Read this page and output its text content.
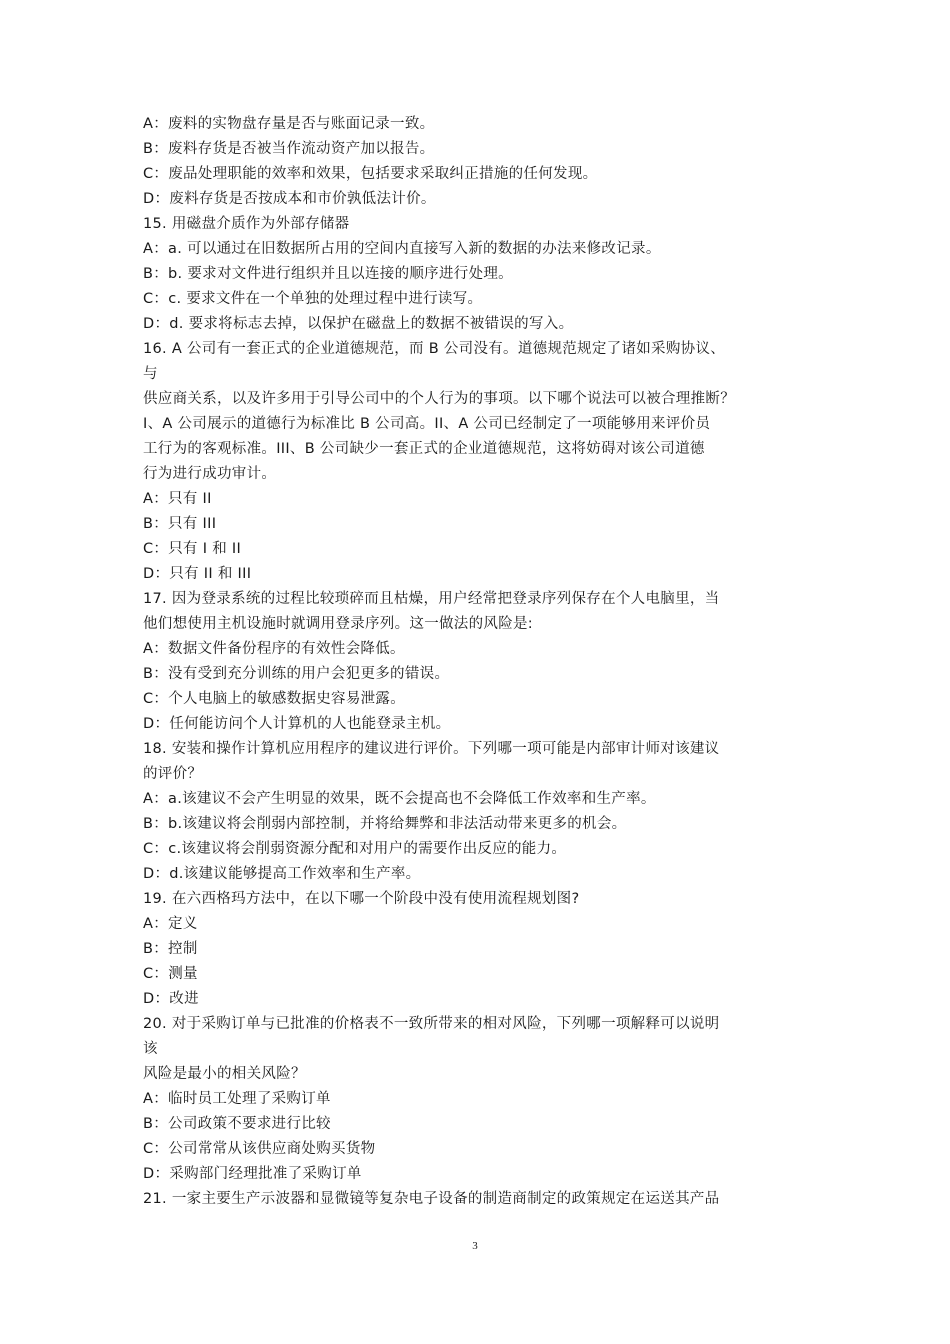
A：废料的实物盘存量是否与账面记录一致。
B：废料存货是否被当作流动资产加以报告。
C：废品处理职能的效率和效果，包括要求采取纠正措施的任何发现。
D：废料存货是否按成本和市价孰低法计价。
15. 用磁盘介质作为外部存储器
A：a. 可以通过在旧数据所占用的空间内直接写入新的数据的办法来修改记录。
B：b. 要求对文件进行组织并且以连接的顺序进行处理。
C：c. 要求文件在一个单独的处理过程中进行读写。
D：d. 要求将标志去掉，以保护在磁盘上的数据不被错误的写入。
16. A 公司有一套正式的企业道德规范，而 B 公司没有。道德规范规定了诸如采购协议、
与
供应商关系，以及许多用于引导公司中的个人行为的事项。以下哪个说法可以被合理推断？
I、A 公司展示的道德行为标准比 B 公司高。II、A 公司已经制定了一项能够用来评价员
工行为的客观标准。III、B 公司缺少一套正式的企业道德规范，这将妨碍对该公司道德
行为进行成功审计。
A：只有 II
B：只有 III
C：只有 I 和 II
D：只有 II 和 III
17. 因为登录系统的过程比较琐碎而且枯燥，用户经常把登录序列保存在个人电脑里，当
他们想使用主机设施时就调用登录序列。这一做法的风险是:
A：数据文件备份程序的有效性会降低。
B：没有受到充分训练的用户会犯更多的错误。
C：个人电脑上的敏感数据史容易泄露。
D：任何能访问个人计算机的人也能登录主机。
18. 安装和操作计算机应用程序的建议进行评价。下列哪一项可能是内部审计师对该建议
的评价？
A：a.该建议不会产生明显的效果，既不会提高也不会降低工作效率和生产率。
B：b.该建议将会削弱内部控制，并将给舞弊和非法活动带来更多的机会。
C：c.该建议将会削弱资源分配和对用户的需要作出反应的能力。
D：d.该建议能够提高工作效率和生产率。
19. 在六西格玛方法中，在以下哪一个阶段中没有使用流程规划图?
A：定义
B：控制
C：测量
D：改进
20. 对于采购订单与已批准的价格表不一致所带来的相对风险，下列哪一项解释可以说明
该
风险是最小的相关风险？
A：临时员工处理了采购订单
B：公司政策不要求进行比较
C：公司常常从该供应商处购买货物
D：采购部门经理批准了采购订单
21. 一家主要生产示波器和显微镜等复杂电子设备的制造商制定的政策规定在运送其产品
3
